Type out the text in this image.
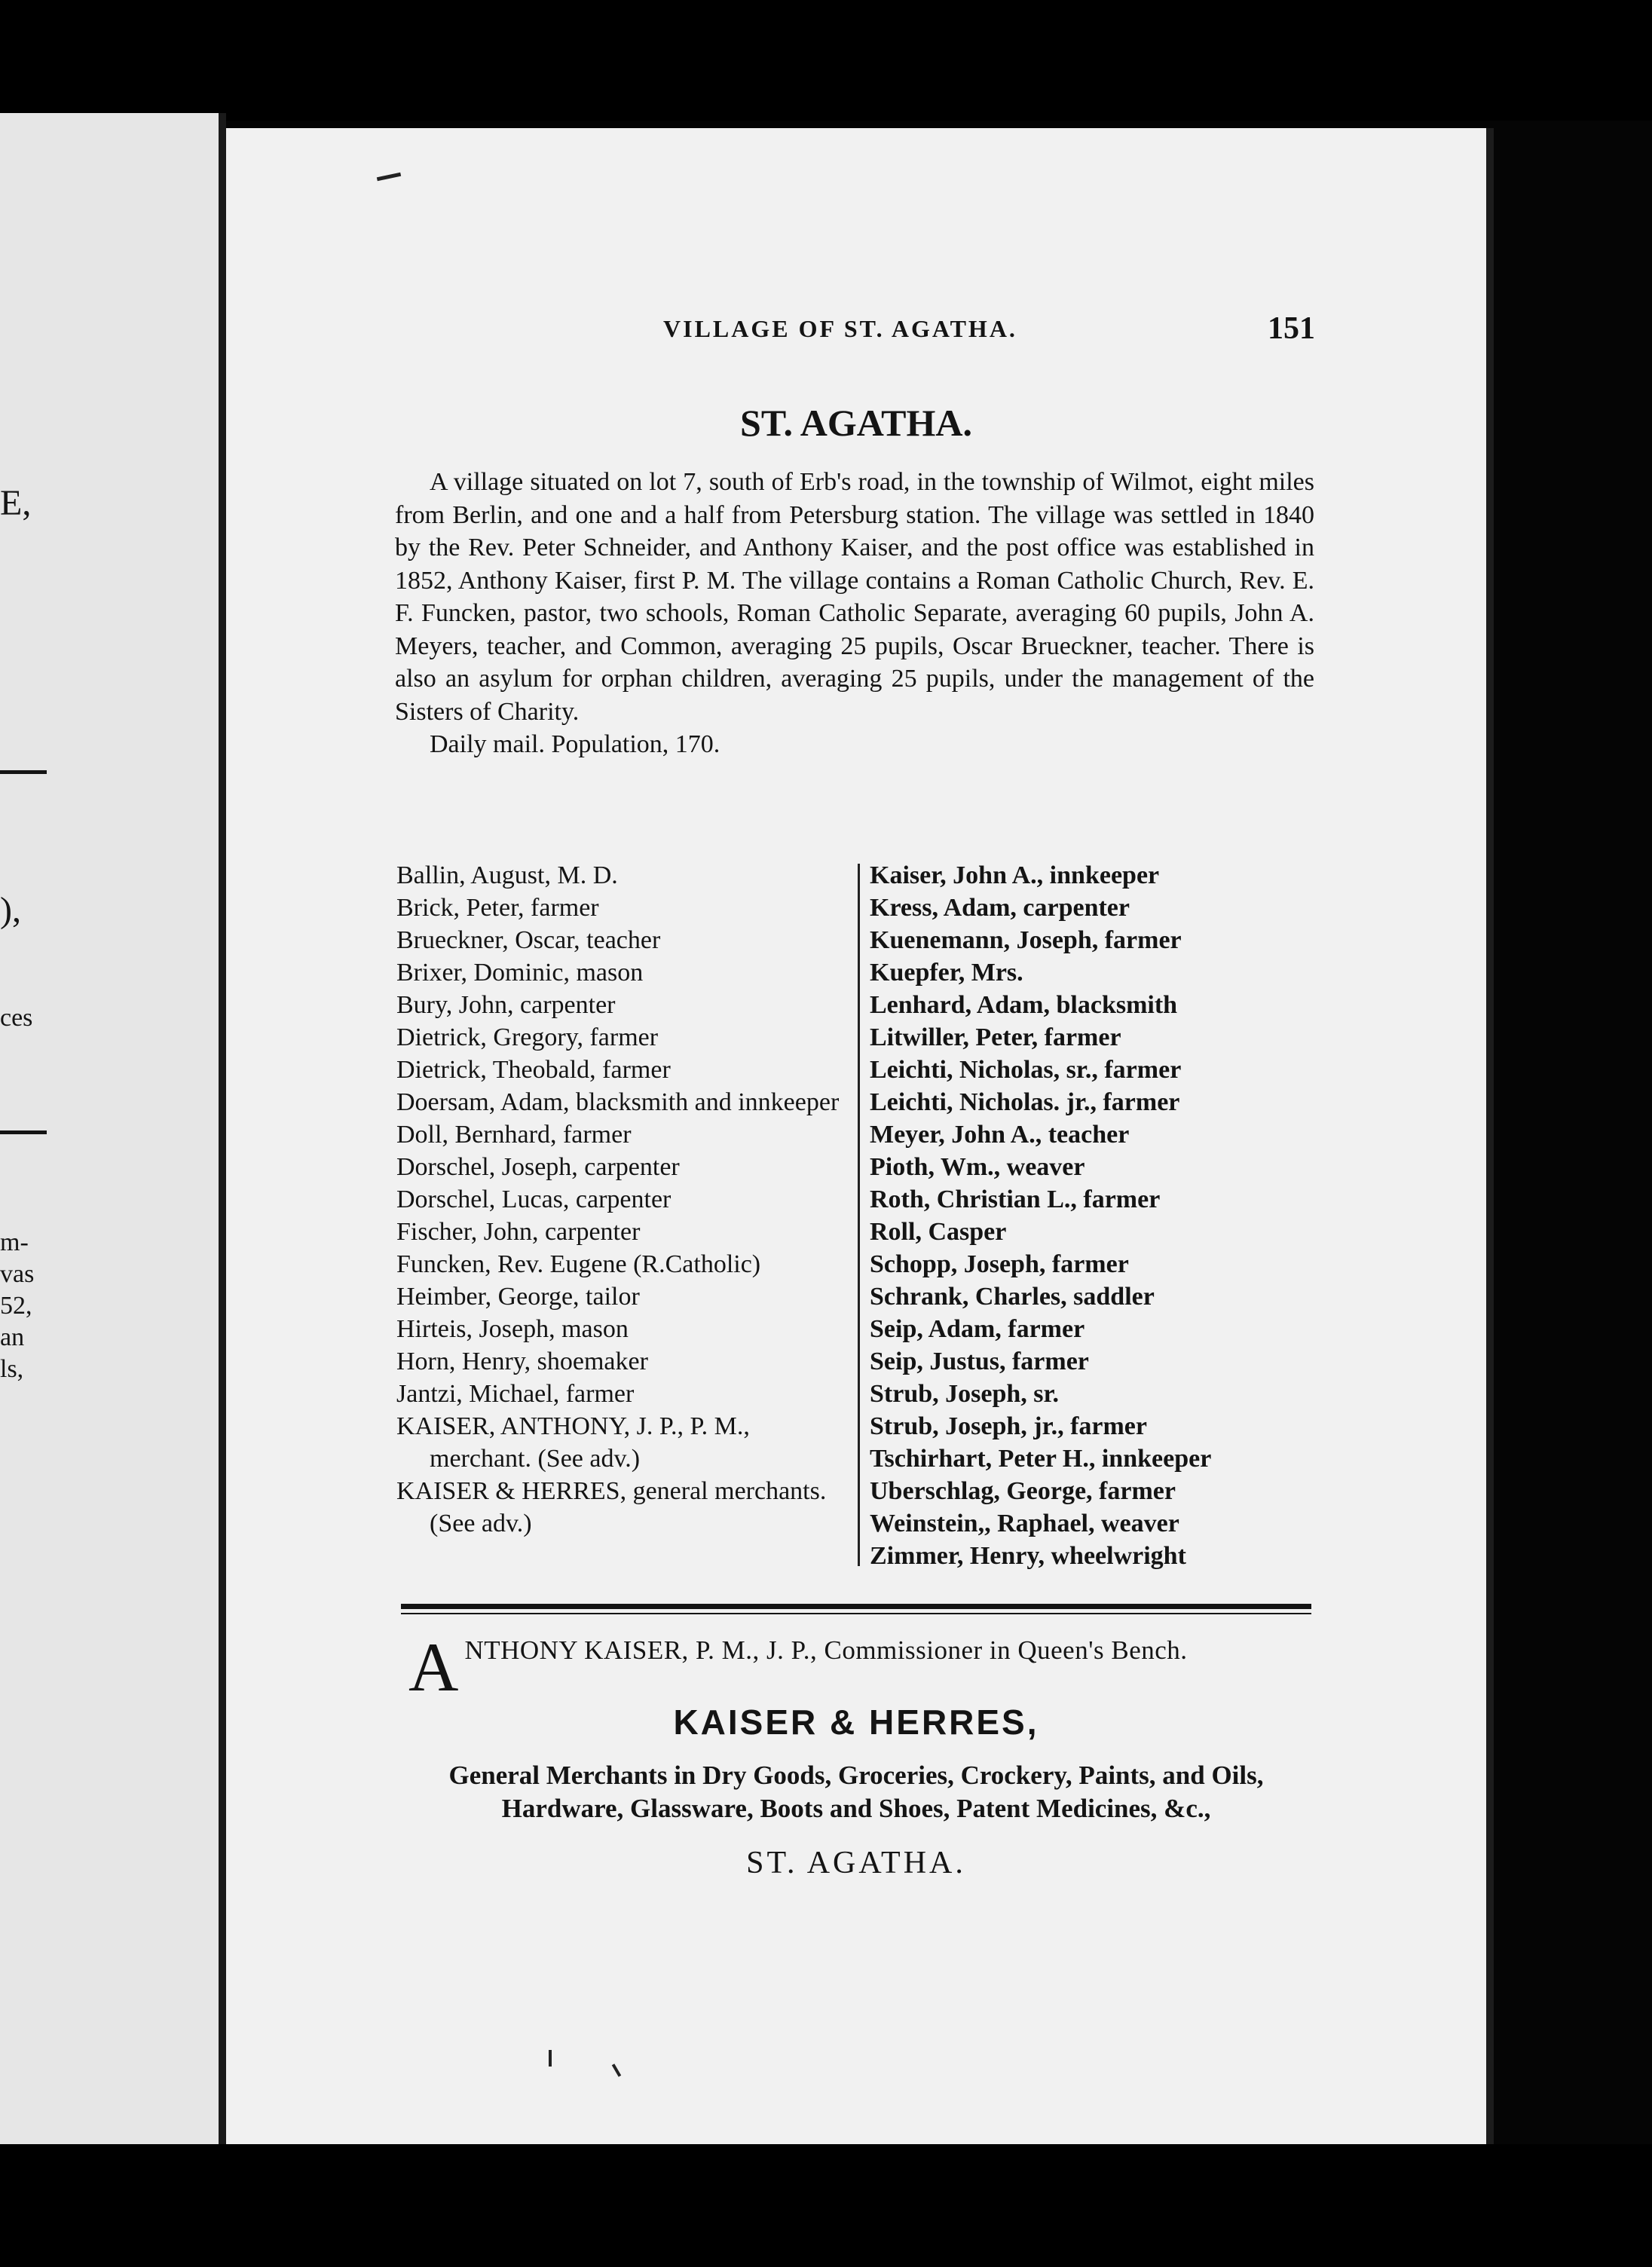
E,
),
ces
m-
vas
52,
an
ls,
VILLAGE OF ST. AGATHA.	151
ST. AGATHA.

A village situated on lot 7, south of Erb's road, in the township of Wilmot, eight miles from Berlin, and one and a half from Petersburg station. The village was settled in 1840 by the Rev. Peter Schneider, and Anthony Kaiser, and the post office was established in 1852, Anthony Kaiser, first P. M. The village contains a Roman Catholic Church, Rev. E. F. Funcken, pastor, two schools, Roman Catholic Separate, averaging 60 pupils, John A. Meyers, teacher, and Common, averaging 25 pupils, Oscar Brueckner, teacher. There is also an asylum for orphan children, averaging 25 pupils, under the management of the Sisters of Charity.

Daily mail. Population, 170.

Ballin, August, M. D.
Brick, Peter, farmer
Brueckner, Oscar, teacher
Brixer, Dominic, mason
Bury, John, carpenter
Dietrick, Gregory, farmer
Dietrick, Theobald, farmer
Doersam, Adam, blacksmith and innkeeper
Doll, Bernhard, farmer
Dorschel, Joseph, carpenter
Dorschel, Lucas, carpenter
Fischer, John, carpenter
Funcken, Rev. Eugene (R.Catholic)
Heimber, George, tailor
Hirteis, Joseph, mason
Horn, Henry, shoemaker
Jantzi, Michael, farmer
KAISER, ANTHONY, J. P., P. M., merchant. (See adv.)
KAISER & HERRES, general merchants. (See adv.)
Kaiser, John A., innkeeper
Kress, Adam, carpenter
Kuenemann, Joseph, farmer
Kuepfer, Mrs.
Lenhard, Adam, blacksmith
Litwiller, Peter, farmer
Leichti, Nicholas, sr., farmer
Leichti, Nicholas. jr., farmer
Meyer, John A., teacher
Pioth, Wm., weaver
Roth, Christian L., farmer
Roll, Casper
Schopp, Joseph, farmer
Schrank, Charles, saddler
Seip, Adam, farmer
Seip, Justus, farmer
Strub, Joseph, sr.
Strub, Joseph, jr., farmer
Tschirhart, Peter H., innkeeper
Uberschlag, George, farmer
Weinstein,, Raphael, weaver
Zimmer, Henry, wheelwright
A NTHONY KAISER, P. M., J. P., Commissioner in Queen's Bench.
KAISER & HERRES,
General Merchants in Dry Goods, Groceries, Crockery, Paints, and Oils, Hardware, Glassware, Boots and Shoes, Patent Medicines, &c.,
ST. AGATHA.
